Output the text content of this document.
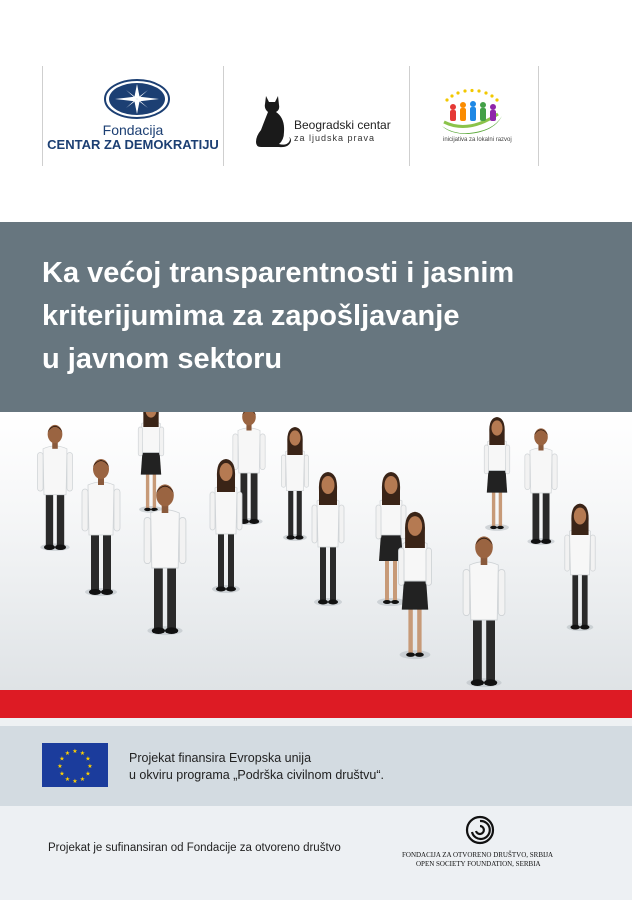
Fondacija
CENTAR ZA DEMOKRATIJU
Beogradski centar
za ljudska prava	inicijativa za lokalni razvoj
Ka većoj transparentnosti i jasnim
kriterijumima za zapošljavanje
u javnom sektoru
★ ★
★
★
★
★
★
★
★
★
★
★	Projekat finansira Evropska unija
u okviru programa „Podrška civilnom društvu“.
Projekat je sufinansiran od Fondacije za otvoreno društvo
FONDACIJA ZA OTVORENO DRUŠTVO, SRBIJA
OPEN SOCIETY FOUNDATION, SERBIA
